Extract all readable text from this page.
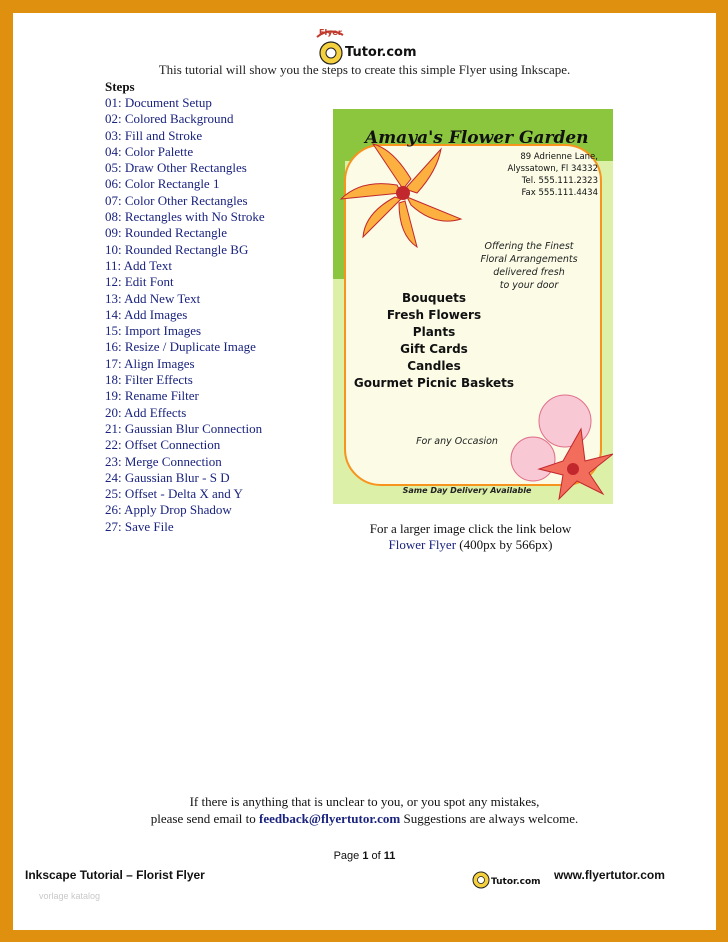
Flyer
Tutor.com
This tutorial will show you the steps to create this simple Flyer using Inkscape.
Steps
01: Document Setup
02: Colored Background
03: Fill and Stroke
04: Color Palette
05: Draw Other Rectangles
06: Color Rectangle 1
07: Color Other Rectangles
08: Rectangles with No Stroke
09: Rounded Rectangle
10: Rounded Rectangle BG
11: Add Text
12: Edit Font
13: Add New Text
14: Add Images
15: Import Images
16: Resize / Duplicate Image
17: Align Images
18: Filter Effects
19: Rename Filter
20: Add Effects
21: Gaussian Blur Connection
22: Offset Connection
23: Merge Connection
24: Gaussian Blur - S D
25: Offset - Delta X and Y
26: Apply Drop Shadow
27: Save File
Amaya's Flower Garden
89 Adrienne Lane,
Alyssatown, Fl 34332
Tel. 555.111.2323
Fax 555.111.4434
Offering the Finest
Floral Arrangements
delivered fresh
to your door
Bouquets
Fresh Flowers
Plants
Gift Cards
Candles
Gourmet Picnic Baskets
For any Occasion
Same Day Delivery Available
For a larger image click the link below
Flower Flyer (400px by 566px)
If there is anything that is unclear to you, or you spot any mistakes,
please send email to feedback@flyertutor.com Suggestions are always welcome.
Page 1 of 11
Inkscape Tutorial – Florist Flyer	Tutor.com www.flyertutor.com
vorlage katalog
